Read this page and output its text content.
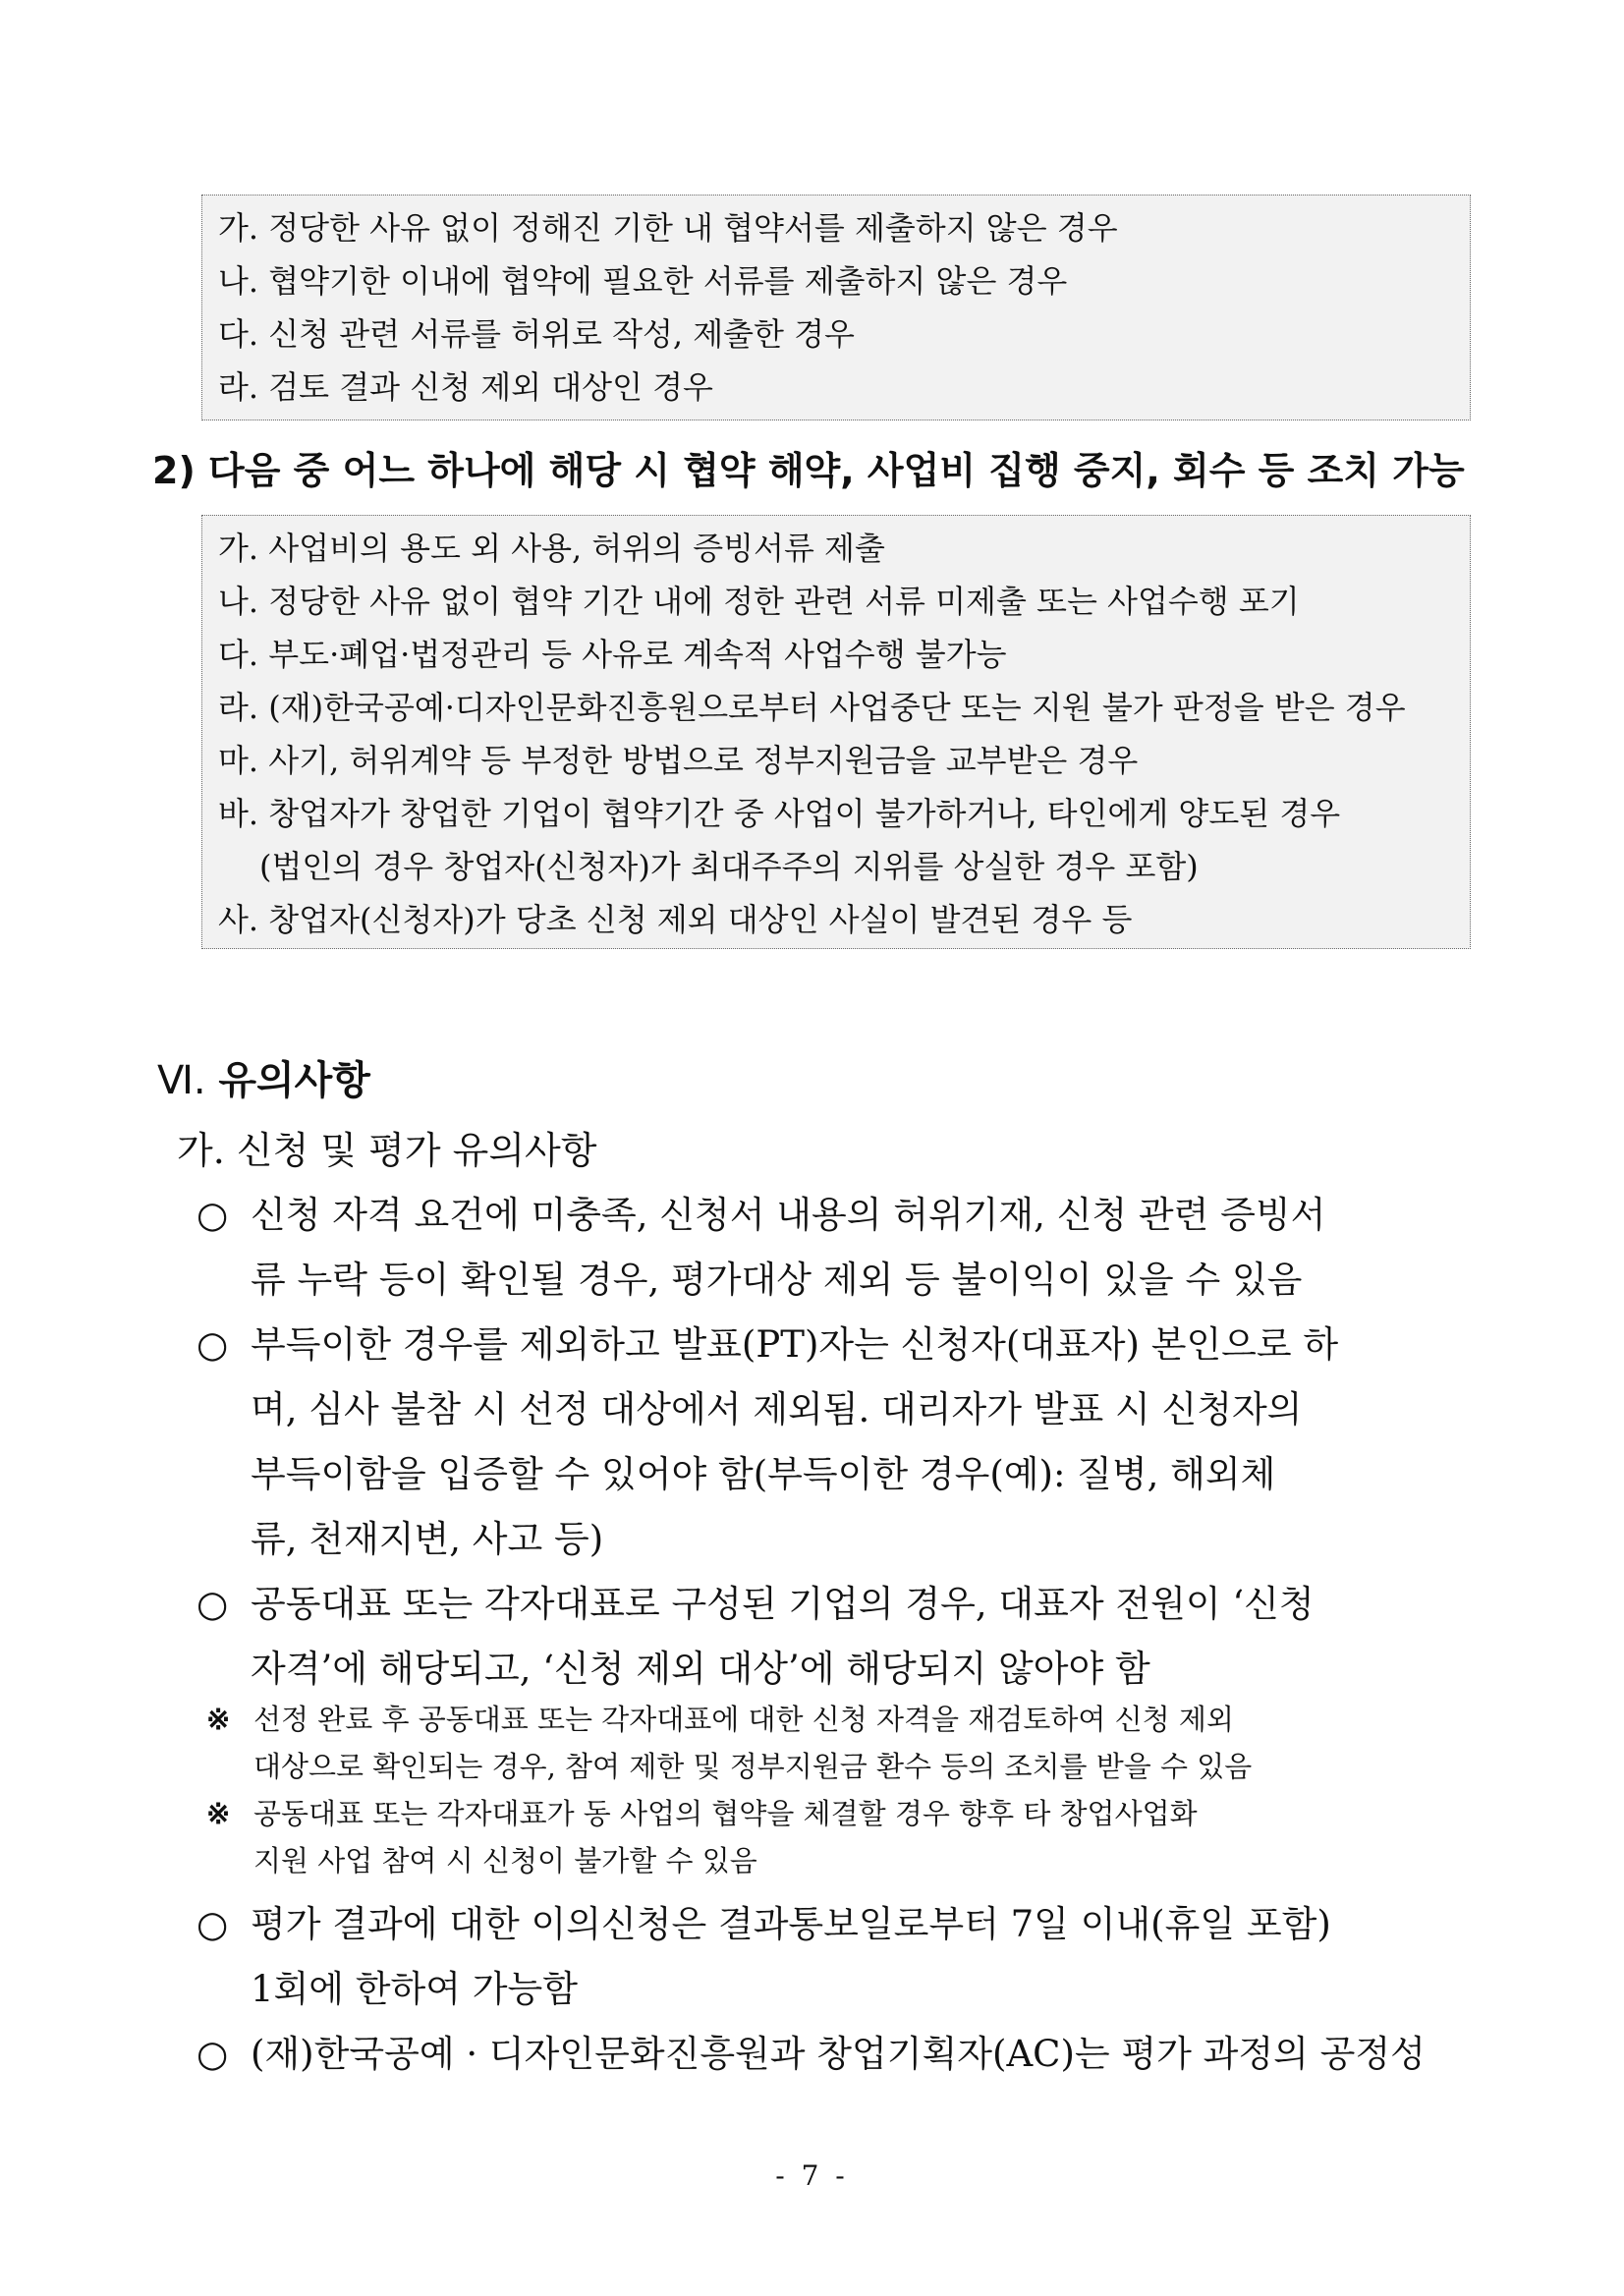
가. 정당한 사유 없이 정해진 기한 내 협약서를 제출하지 않은 경우
나. 협약기한 이내에 협약에 필요한 서류를 제출하지 않은 경우
다. 신청 관련 서류를 허위로 작성, 제출한 경우
라. 검토 결과 신청 제외 대상인 경우
2) 다음 중 어느 하나에 해당 시 협약 해약, 사업비 집행 중지, 회수 등 조치 가능
가. 사업비의 용도 외 사용, 허위의 증빙서류 제출
나. 정당한 사유 없이 협약 기간 내에 정한 관련 서류 미제출 또는 사업수행 포기
다. 부도·폐업·법정관리 등 사유로 계속적 사업수행 불가능
라. (재)한국공예·디자인문화진흥원으로부터 사업중단 또는 지원 불가 판정을 받은 경우
마. 사기, 허위계약 등 부정한 방법으로 정부지원금을 교부받은 경우
바. 창업자가 창업한 기업이 협약기간 중 사업이 불가하거나, 타인에게 양도된 경우
(법인의 경우 창업자(신청자)가 최대주주의 지위를 상실한 경우 포함)
사. 창업자(신청자)가 당초 신청 제외 대상인 사실이 발견된 경우 등
Ⅵ. 유의사항
가. 신청 및 평가 유의사항
○ 신청 자격 요건에 미충족, 신청서 내용의 허위기재, 신청 관련 증빙서
류 누락 등이 확인될 경우, 평가대상 제외 등 불이익이 있을 수 있음
○ 부득이한 경우를 제외하고 발표(PT)자는 신청자(대표자) 본인으로 하
며, 심사 불참 시 선정 대상에서 제외됨. 대리자가 발표 시 신청자의
부득이함을 입증할 수 있어야 함(부득이한 경우(예): 질병, 해외체
류, 천재지변, 사고 등)
○ 공동대표 또는 각자대표로 구성된 기업의 경우, 대표자 전원이 ‘신청
자격’에 해당되고, ‘신청 제외 대상’에 해당되지 않아야 함
※ 선정 완료 후 공동대표 또는 각자대표에 대한 신청 자격을 재검토하여 신청 제외
대상으로 확인되는 경우, 참여 제한 및 정부지원금 환수 등의 조치를 받을 수 있음
※ 공동대표 또는 각자대표가 동 사업의 협약을 체결할 경우 향후 타 창업사업화
지원 사업 참여 시 신청이 불가할 수 있음
○ 평가 결과에 대한 이의신청은 결과통보일로부터 7일 이내(휴일 포함)
1회에 한하여 가능함
○ (재)한국공예 · 디자인문화진흥원과 창업기획자(AC)는 평가 과정의 공정성
- 7 -
